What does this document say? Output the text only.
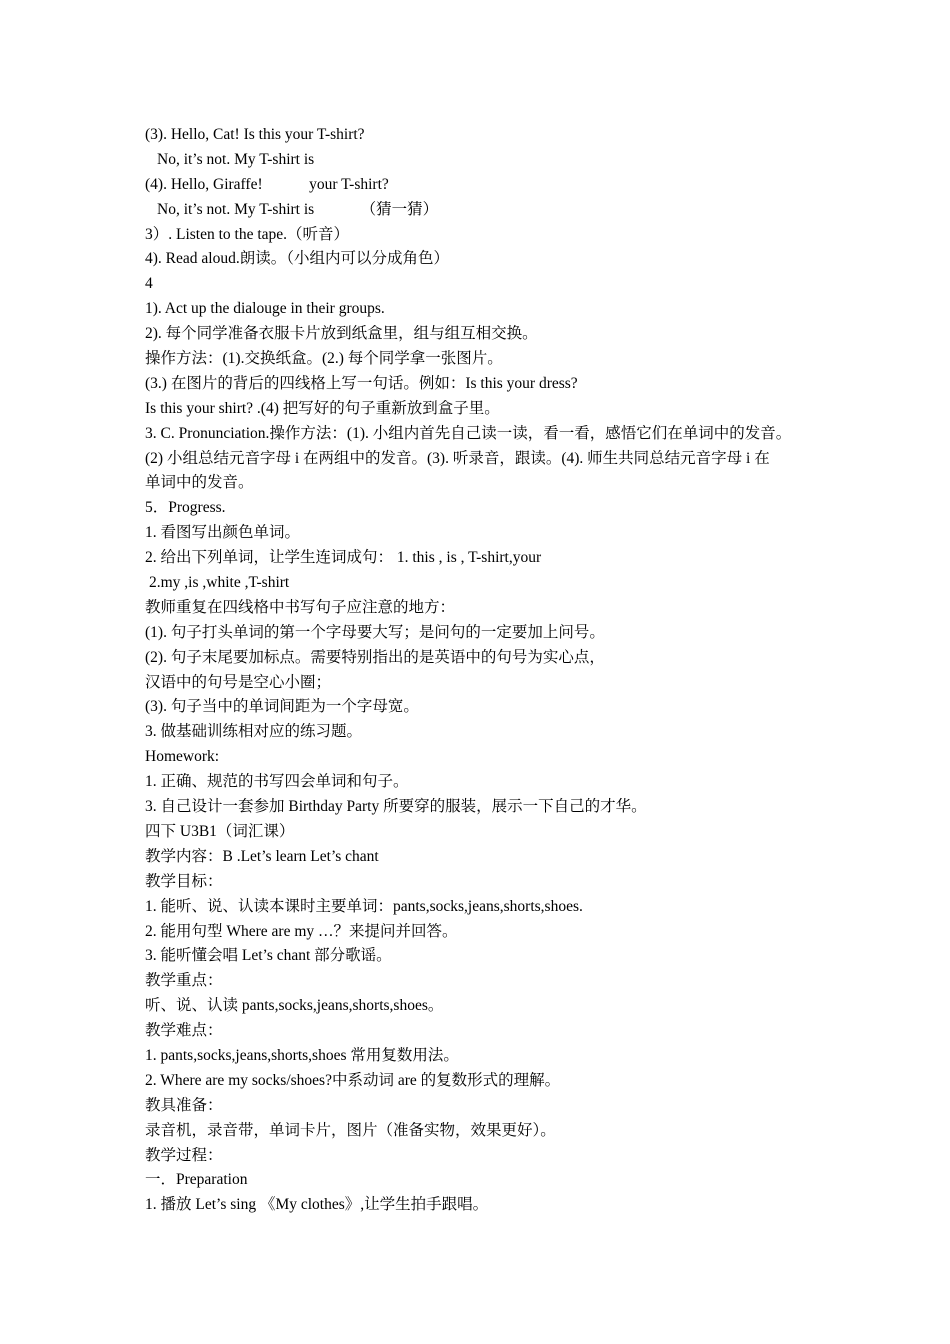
(3). Hello, Cat! Is this your T-shirt?
No, it’s not. My T-shirt is
(4). Hello, Giraffe!            your T-shirt?
No, it’s not. My T-shirt is            （猜一猜）
3）. Listen to the tape.（听音）
4). Read aloud.朗读。（小组内可以分成角色）
4
1). Act up the dialouge in their groups.
2). 每个同学准备衣服卡片放到纸盒里，组与组互相交换。
操作方法：(1).交换纸盒。(2.) 每个同学拿一张图片。
(3.) 在图片的背后的四线格上写一句话。例如：Is this your dress?
Is this your shirt? .(4) 把写好的句子重新放到盒子里。
3. C. Pronunciation.操作方法：(1). 小组内首先自己读一读，看一看，感悟它们在单词中的发音。
(2) 小组总结元音字母 i 在两组中的发音。(3). 听录音，跟读。(4). 师生共同总结元音字母 i 在
单词中的发音。
5．Progress.
1. 看图写出颜色单词。
2. 给出下列单词，让学生连词成句： 1. this , is , T-shirt,your
2.my ,is ,white ,T-shirt
教师重复在四线格中书写句子应注意的地方：
(1). 句子打头单词的第一个字母要大写；是问句的一定要加上问号。
(2). 句子末尾要加标点。需要特别指出的是英语中的句号为实心点，
汉语中的句号是空心小圈；
(3). 句子当中的单词间距为一个字母宽。
3. 做基础训练相对应的练习题。
Homework:
1. 正确、规范的书写四会单词和句子。
3. 自己设计一套参加 Birthday Party 所要穿的服装，展示一下自己的才华。
四下 U3B1（词汇课）
教学内容：B .Let’s learn Let’s chant
教学目标：
1. 能听、说、认读本课时主要单词：pants,socks,jeans,shorts,shoes.
2. 能用句型 Where are my …？来提问并回答。
3. 能听懂会唱 Let’s chant 部分歌谣。
教学重点：
听、说、认读 pants,socks,jeans,shorts,shoes。
教学难点：
1. pants,socks,jeans,shorts,shoes 常用复数用法。
2. Where are my socks/shoes?中系动词 are 的复数形式的理解。
教具准备：
录音机，录音带，单词卡片，图片（准备实物，效果更好）。
教学过程：
一．Preparation
1. 播放 Let’s sing 《My clothes》,让学生拍手跟唱。
